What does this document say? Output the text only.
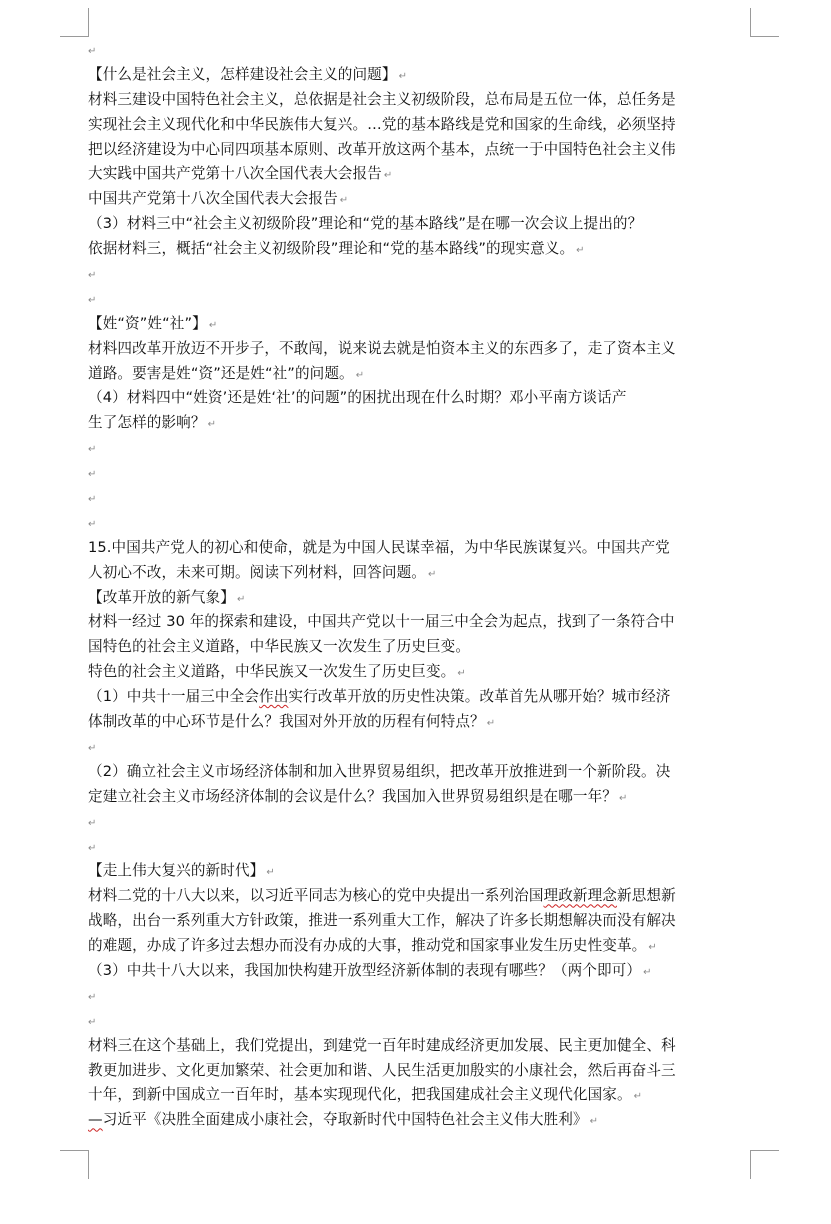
↵
【什么是社会主义，怎样建设社会主义的问题】 ↵
材料三建设中国特色社会主义，总依据是社会主义初级阶段，总布局是五位一体，总任务是
实现社会主义现代化和中华民族伟大复兴。…党的基本路线是党和国家的生命线，必须坚持
把以经济建设为中心同四项基本原则、改革开放这两个基本，点统一于中国特色社会主义伟
大实践中国共产党第十八次全国代表大会报告 ↵
中国共产党第十八次全国代表大会报告 ↵
（3）材料三中“社会主义初级阶段”理论和“党的基本路线”是在哪一次会议上提出的？
依据材料三，概括“社会主义初级阶段”理论和“党的基本路线”的现实意义。 ↵
↵
↵
【姓“资”姓“社”】 ↵
材料四改革开放迈不开步子，不敢闯，说来说去就是怕资本主义的东西多了，走了资本主义
道路。要害是姓“资”还是姓“社”的问题。 ↵
（4）材料四中“姓资’还是姓‘社’的问题”的困扰出现在什么时期？邓小平南方谈话产
生了怎样的影响？ ↵
↵
↵
↵
↵
15.中国共产党人的初心和使命，就是为中国人民谋幸福，为中华民族谋复兴。中国共产党
人初心不改，未来可期。阅读下列材料，回答问题。 ↵
【改革开放的新气象】 ↵
材料一经过 30 年的探索和建设，中国共产党以十一届三中全会为起点，找到了一条符合中
国特色的社会主义道路，中华民族又一次发生了历史巨变。
特色的社会主义道路，中华民族又一次发生了历史巨变。 ↵
（1）中共十一届三中全会作出实行改革开放的历史性决策。改革首先从哪开始？城市经济
体制改革的中心环节是什么？我国对外开放的历程有何特点？ ↵
↵
（2）确立社会主义市场经济体制和加入世界贸易组织，把改革开放推进到一个新阶段。决
定建立社会主义市场经济体制的会议是什么？我国加入世界贸易组织是在哪一年？ ↵
↵
↵
【走上伟大复兴的新时代】 ↵
材料二党的十八大以来，以习近平同志为核心的党中央提出一系列治国理政新理念新思想新
战略，出台一系列重大方针政策，推进一系列重大工作，解决了许多长期想解决而没有解决
的难题，办成了许多过去想办而没有办成的大事，推动党和国家事业发生历史性变革。 ↵
（3）中共十八大以来，我国加快构建开放型经济新体制的表现有哪些？（两个即可） ↵
↵
↵
材料三在这个基础上，我们党提出，到建党一百年时建成经济更加发展、民主更加健全、科
教更加进步、文化更加繁荣、社会更加和谐、人民生活更加殷实的小康社会，然后再奋斗三
十年，到新中国成立一百年时，基本实现现代化，把我国建成社会主义现代化国家。 ↵
—习近平《决胜全面建成小康社会，夺取新时代中国特色社会主义伟大胜利》 ↵
